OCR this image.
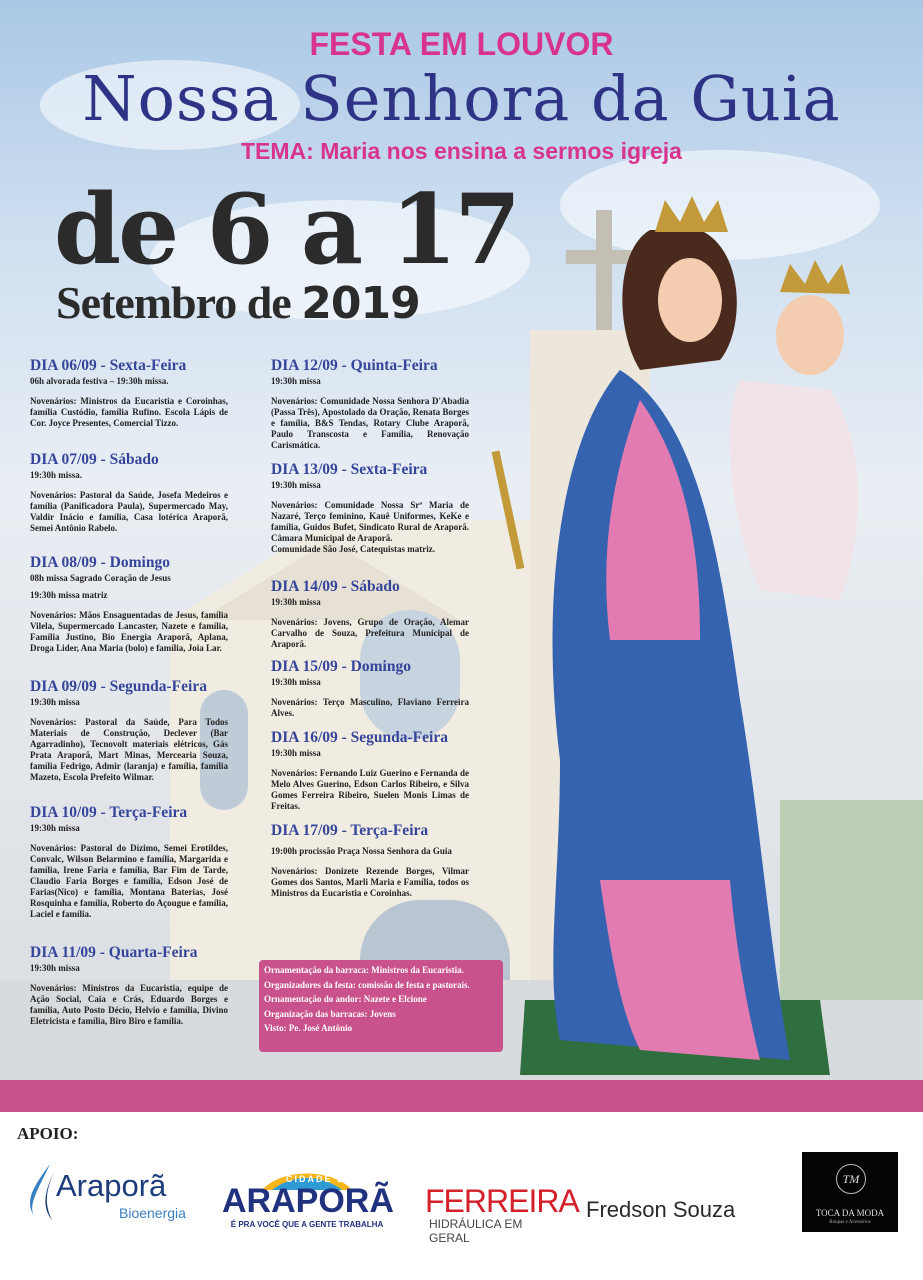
FESTA EM LOUVOR
Nossa Senhora da Guia
TEMA: Maria nos ensina a sermos igreja
de 6 a 17
Setembro de 2019
DIA 06/09 - Sexta-Feira
06h alvorada festiva – 19:30h missa.
Novenários: Ministros da Eucaristia e Coroinhas, família Custódio, família Rufino. Escola Lápis de Cor. Joyce Presentes, Comercial Tizzo.
DIA 07/09 - Sábado
19:30h missa.
Novenários: Pastoral da Saúde, Josefa Medeiros e família (Panificadora Paula), Supermercado May, Valdir Inácio e família, Casa lotérica Araporã, Semei Antônio Rabelo.
DIA 08/09 - Domingo
08h missa Sagrado Coração de Jesus
19:30h missa matriz
Novenários: Mãos Ensaguentadas de Jesus, família Vilela, Supermercado Lancaster, Nazete e família, Família Justino, Bio Energia Araporã, Aplana, Droga Lider, Ana Maria (bolo) e família, Joia Lar.
DIA 09/09 - Segunda-Feira
19:30h missa
Novenários: Pastoral da Saúde, Para Todos Materiais de Construção, Declever (Bar Agarradinho), Tecnovolt materiais elétricos, Gás Prata Araporã, Mart Minas, Mercearia Souza, família Fedrigo, Admir (laranja) e família, família Mazeto, Escola Prefeito Wilmar.
DIA 10/09 - Terça-Feira
19:30h missa
Novenários: Pastoral do Dízimo, Semei Erotildes, Convalc, Wilson Belarmino e família, Margarida e família, Irene Faria e família, Bar Fim de Tarde, Claudio Faria Borges e família, Edson José de Farias(Nico) e família, Montana Baterias, José Rosquinha e família, Roberto do Açougue e família, Laciel e família.
DIA 11/09 - Quarta-Feira
19:30h missa
Novenários: Ministros da Eucaristia, equipe de Ação Social, Caia e Crás, Eduardo Borges e família, Auto Posto Décio, Helvio e família, Divino Eletricista e família, Biro Biro e família.
DIA 12/09 - Quinta-Feira
19:30h missa
Novenários: Comunidade Nossa Senhora D'Abadia (Passa Três), Apostolado da Oração, Renata Borges e família, B&S Tendas, Rotary Clube Araporã, Paulo Transcosta e Família, Renovação Carismática.
DIA 13/09 - Sexta-Feira
19:30h missa
Novenários: Comunidade Nossa Srª Maria de Nazaré, Terço feminino, Kauê Uniformes, KeKe e família, Guidos Bufet, Sindicato Rural de Araporã. Câmara Municipal de Araporã.
Comunidade São José, Catequistas matriz.
DIA 14/09 - Sábado
19:30h missa
Novenários: Jovens, Grupo de Oração, Alemar Carvalho de Souza, Prefeitura Municipal de Araporã.
DIA 15/09 - Domingo
19:30h missa
Novenários: Terço Masculino, Flaviano Ferreira Alves.
DIA 16/09 - Segunda-Feira
19:30h missa
Novenários: Fernando Luiz Guerino e Fernanda de Melo Alves Guerino, Edson Carlos Ribeiro, e Silva Gomes Ferreira Ribeiro, Suelen Monis Limas de Freitas.
DIA 17/09 - Terça-Feira
19:00h procissão Praça Nossa Senhora da Guia
Novenários: Donizete Rezende Borges, Vilmar Gomes dos Santos, Marli Maria e Família, todos os Ministros da Eucaristia e Coroinhas.
Ornamentação da barraca: Ministros da Eucaristia.
Organizadores da festa: comissão de festa e pastorais.
Ornamentação do andor: Nazete e Elcione
Organização das barracas: Jovens
Visto: Pe. José Antônio
APOIO:
Araporã
Bioenergia
CIDADE DE
ARAPORÃ
É PRA VOCÊ QUE A GENTE TRABALHA
FERREIRA
HIDRÁULICA EM GERAL
Fredson Souza
TM
TOCA DA MODA
Roupas e Acessórios
